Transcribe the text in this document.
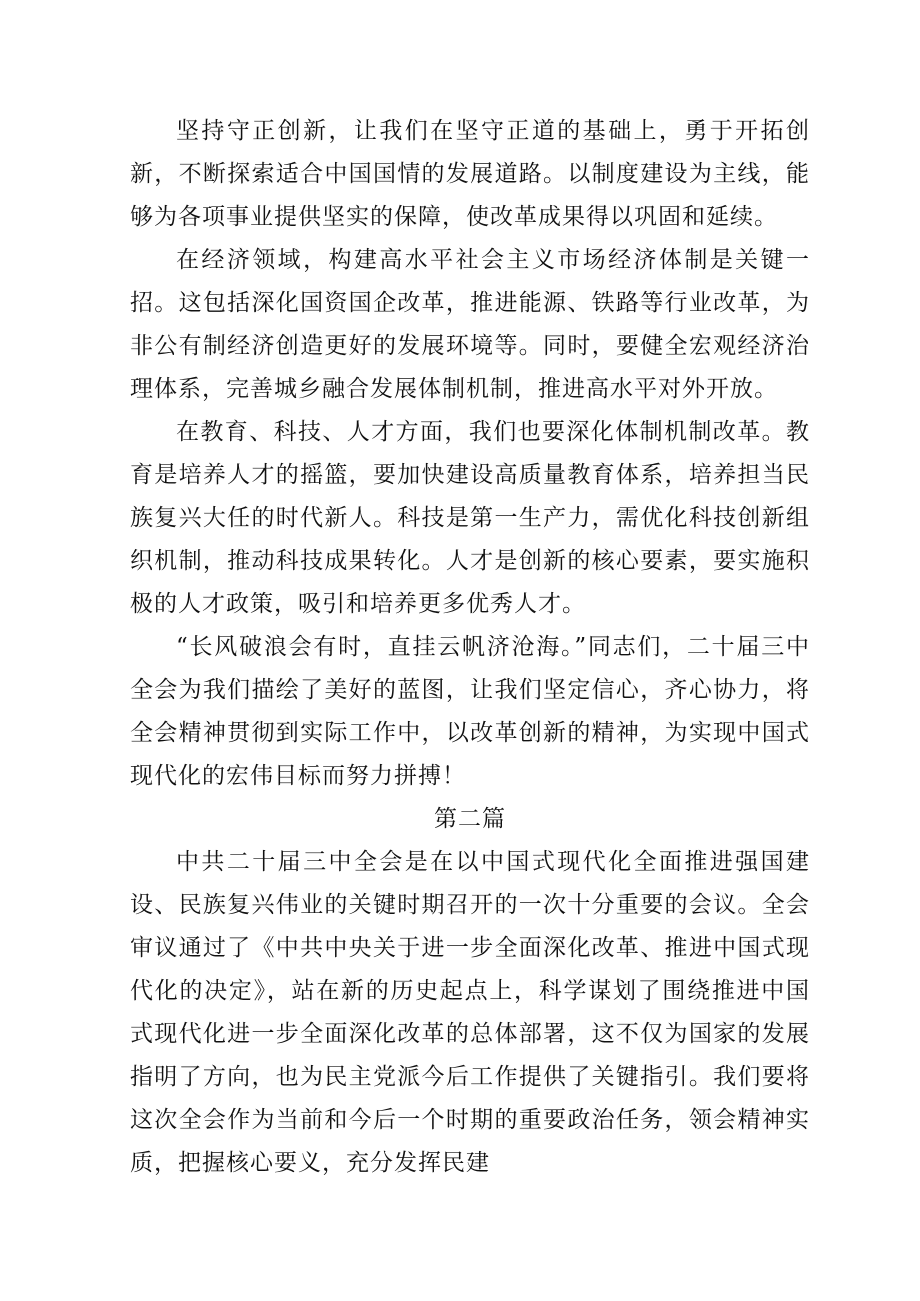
坚持守正创新，让我们在坚守正道的基础上，勇于开拓创新，不断探索适合中国国情的发展道路。以制度建设为主线，能够为各项事业提供坚实的保障，使改革成果得以巩固和延续。

在经济领域，构建高水平社会主义市场经济体制是关键一招。这包括深化国资国企改革，推进能源、铁路等行业改革，为非公有制经济创造更好的发展环境等。同时，要健全宏观经济治理体系，完善城乡融合发展体制机制，推进高水平对外开放。

在教育、科技、人才方面，我们也要深化体制机制改革。教育是培养人才的摇篮，要加快建设高质量教育体系，培养担当民族复兴大任的时代新人。科技是第一生产力，需优化科技创新组织机制，推动科技成果转化。人才是创新的核心要素，要实施积极的人才政策，吸引和培养更多优秀人才。

“长风破浪会有时，直挂云帆济沧海。”同志们，二十届三中全会为我们描绘了美好的蓝图，让我们坚定信心，齐心协力，将全会精神贯彻到实际工作中，以改革创新的精神，为实现中国式现代化的宏伟目标而努力拼搏！

第二篇

中共二十届三中全会是在以中国式现代化全面推进强国建设、民族复兴伟业的关键时期召开的一次十分重要的会议。全会审议通过了《中共中央关于进一步全面深化改革、推进中国式现代化的决定》，站在新的历史起点上，科学谋划了围绕推进中国式现代化进一步全面深化改革的总体部署，这不仅为国家的发展指明了方向，也为民主党派今后工作提供了关键指引。我们要将这次全会作为当前和今后一个时期的重要政治任务，领会精神实质，把握核心要义，充分发挥民建
